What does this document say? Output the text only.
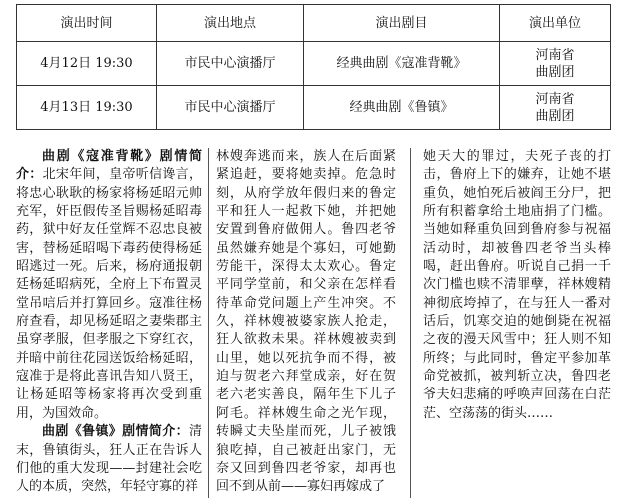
演出时间	演出地点	演出剧目	演出单位
4月12日 19:30	市民中心演播厅	经典曲剧《寇准背靴》	河南省
曲剧团

4月13日 19:30	市民中心演播厅	经典曲剧《鲁镇》	河南省
曲剧团

曲剧《寇准背靴》剧情简介：北宋年间，皇帝听信谗言，将忠心耿耿的杨家将杨延昭元帅充军，奸臣假传圣旨赐杨延昭毒药，狱中好友任堂辉不忍忠良被害，替杨延昭喝下毒药使得杨延昭逃过一死。后来，杨府通报朝廷杨延昭病死，全府上下布置灵堂吊唁后并打算回乡。寇准往杨府查看，却见杨延昭之妻柴郡主虽穿孝服，但孝服之下穿红衣，并暗中前往花园送饭给杨延昭，寇准于是将此喜讯告知八贤王，让杨延昭等杨家将再次受到重用，为国效命。

曲剧《鲁镇》剧情简介：清末，鲁镇街头，狂人正在告诉人们他的重大发现——封建社会吃人的本质，突然，年轻守寡的祥

林嫂奔逃而来，族人在后面紧紧追赶，要将她卖掉。危急时刻，从府学放年假归来的鲁定平和狂人一起救下她，并把她安置到鲁府做佣人。鲁四老爷虽然嫌弃她是个寡妇，可她勤劳能干，深得太太欢心。鲁定平同学堂前，和父亲在怎样看待革命党问题上产生冲突。不久，祥林嫂被婆家族人抢走，狂人欲救未果。祥林嫂被卖到山里，她以死抗争而不得，被迫与贺老六拜堂成亲，好在贺老六老实善良，隔年生下儿子阿毛。祥林嫂生命之光乍现，转瞬丈夫坠崖而死，儿子被饿狼吃掉，自己被赶出家门，无奈又回到鲁四老爷家，却再也回不到从前——寡妇再嫁成了

她天大的罪过，夫死子丧的打击，鲁府上下的嫌弃，让她不堪重负，她怕死后被阎王分尸，把所有积蓄拿给土地庙捐了门槛。当她如释重负回到鲁府参与祝福活动时，却被鲁四老爷当头棒喝，赶出鲁府。听说自己捐一千次门槛也赎不清罪孽，祥林嫂精神彻底垮掉了，在与狂人一番对话后，饥寒交迫的她倒毙在祝福之夜的漫天风雪中；狂人则不知所终；与此同时，鲁定平参加革命党被抓，被判斩立决，鲁四老爷夫妇悲痛的呼唤声回荡在白茫茫、空荡荡的街头……
